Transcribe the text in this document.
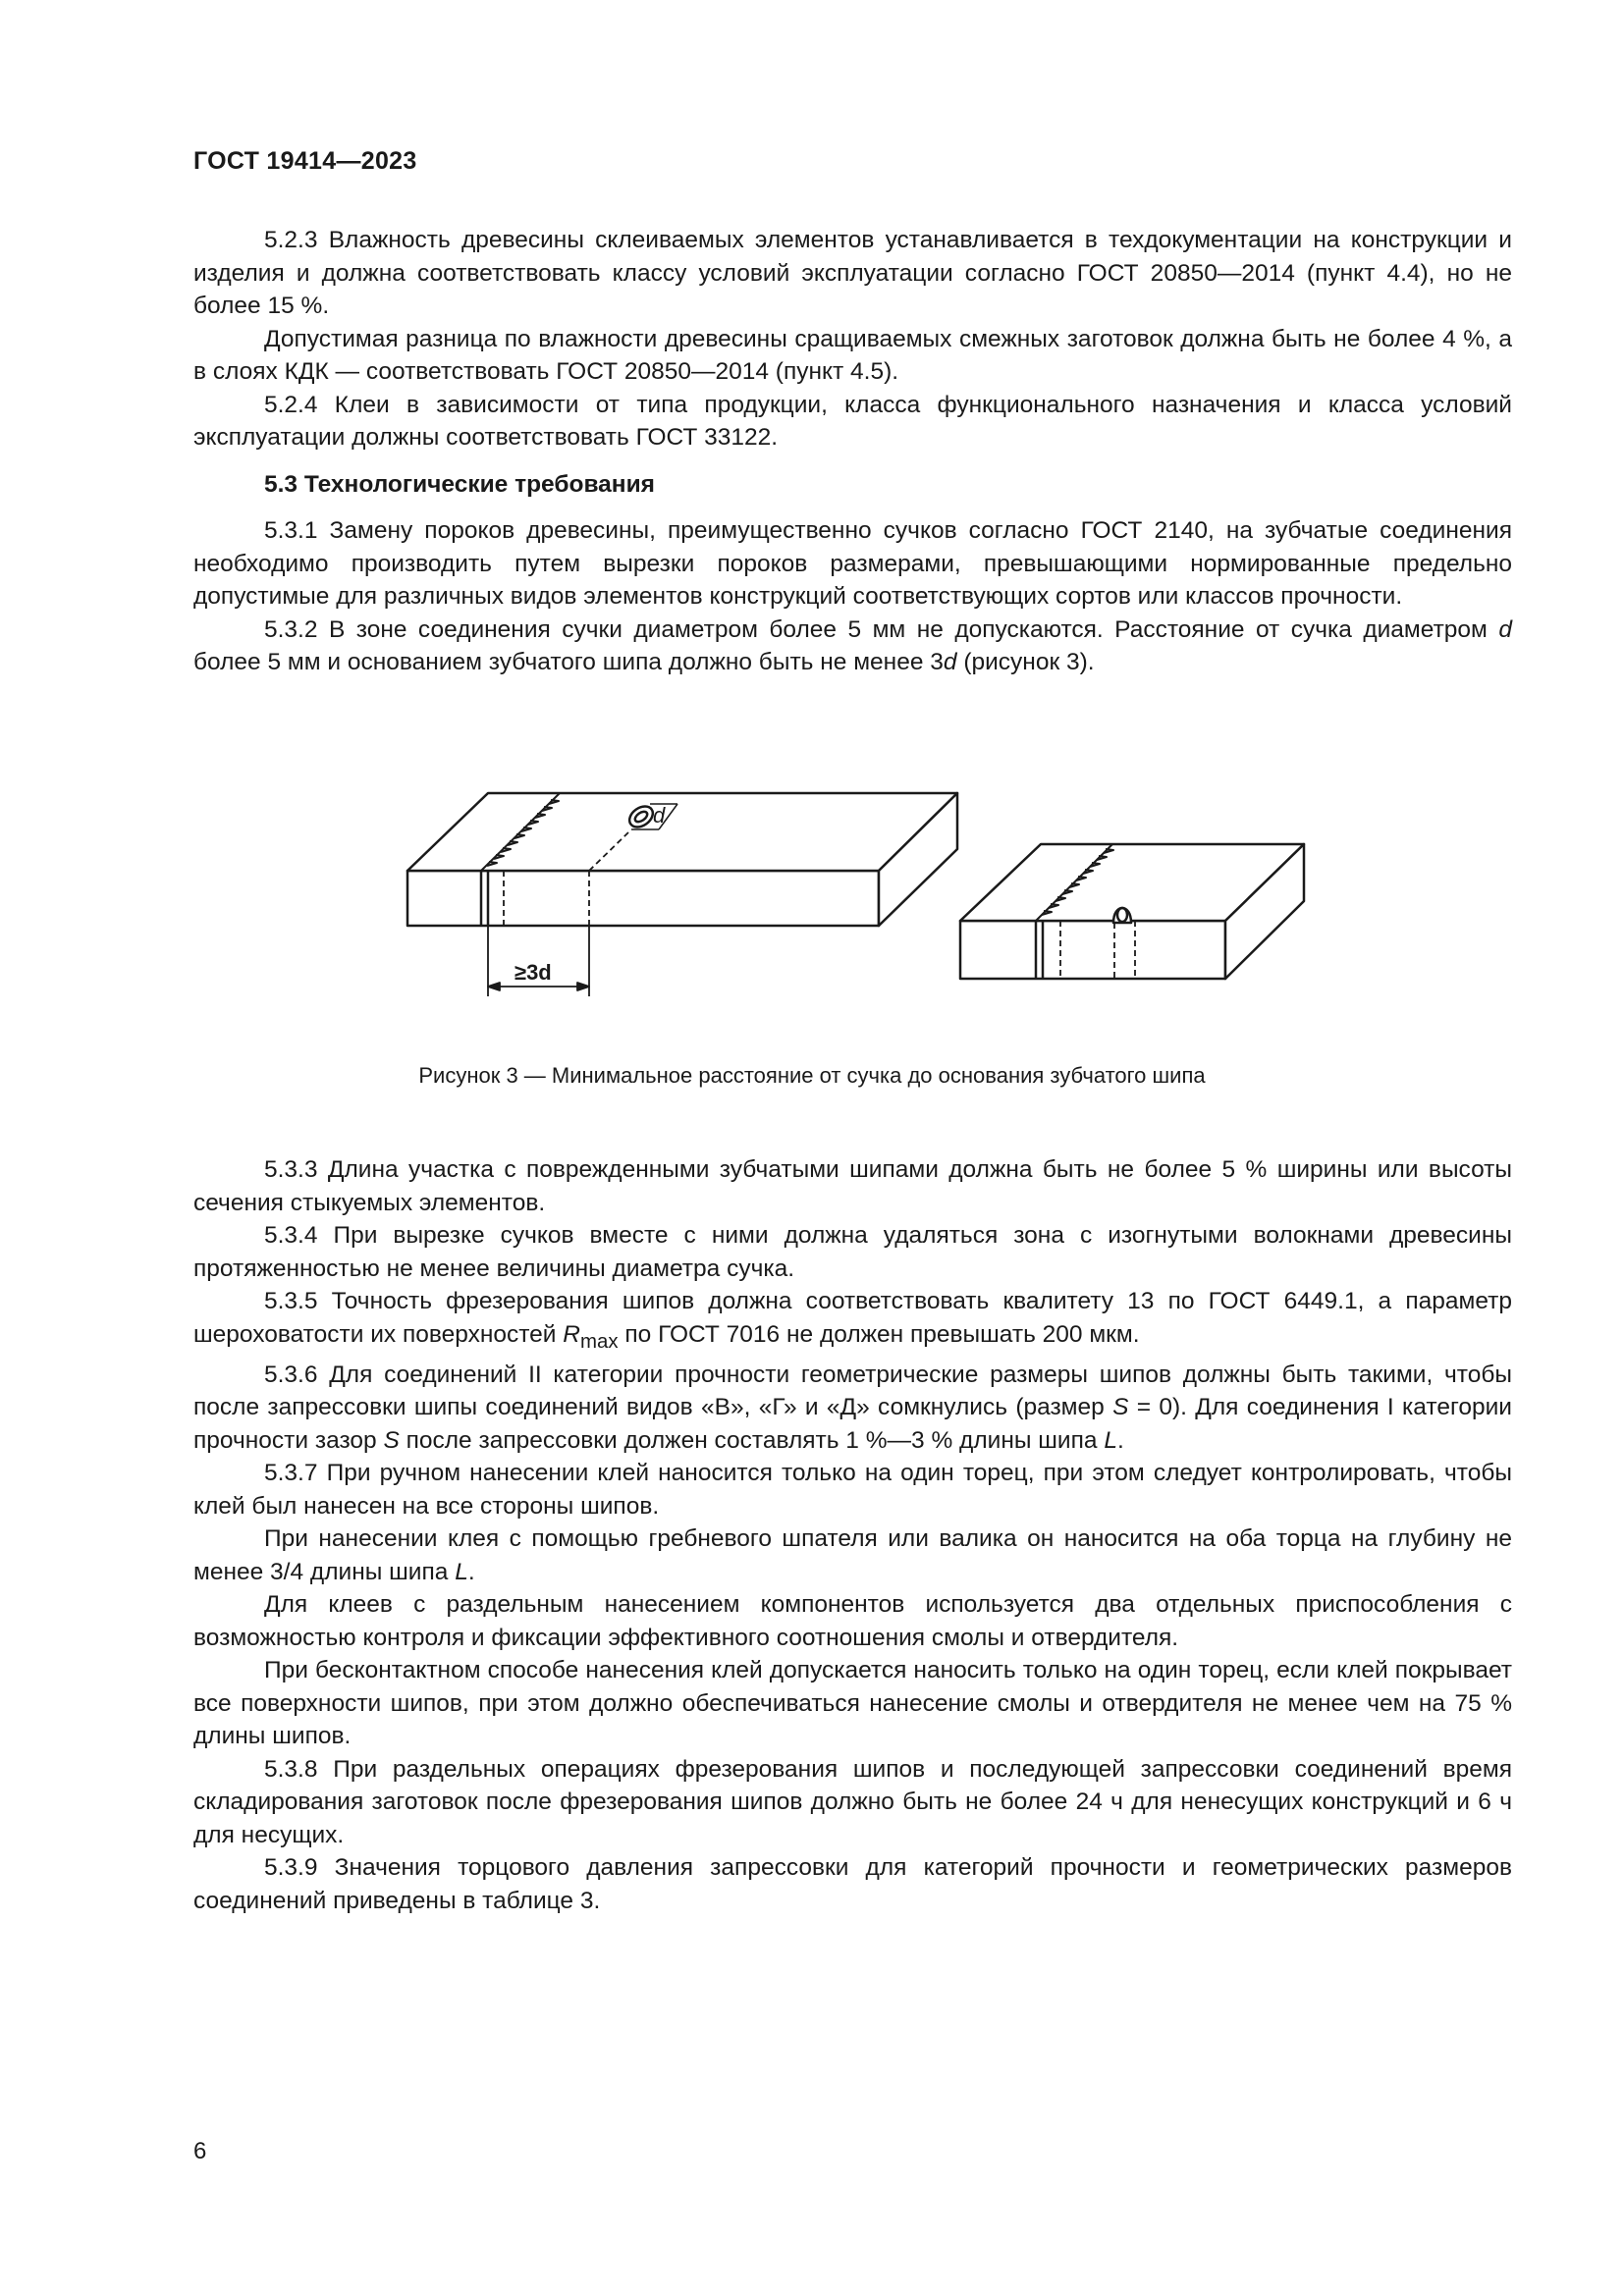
ГОСТ 19414—2023

5.2.3 Влажность древесины склеиваемых элементов устанавливается в техдокументации на конструкции и изделия и должна соответствовать классу условий эксплуатации согласно ГОСТ 20850—2014 (пункт 4.4), но не более 15 %.

Допустимая разница по влажности древесины сращиваемых смежных заготовок должна быть не более 4 %, а в слоях КДК — соответствовать ГОСТ 20850—2014 (пункт 4.5).

5.2.4 Клеи в зависимости от типа продукции, класса функционального назначения и класса условий эксплуатации должны соответствовать ГОСТ 33122.

5.3 Технологические требования

5.3.1 Замену пороков древесины, преимущественно сучков согласно ГОСТ 2140, на зубчатые соединения необходимо производить путем вырезки пороков размерами, превышающими нормированные предельно допустимые для различных видов элементов конструкций соответствующих сортов или классов прочности.

5.3.2 В зоне соединения сучки диаметром более 5 мм не допускаются. Расстояние от сучка диаметром d более 5 мм и основанием зубчатого шипа должно быть не менее 3d (рисунок 3).

d
≥3d
Рисунок 3 — Минимальное расстояние от сучка до основания зубчатого шипа

5.3.3 Длина участка с поврежденными зубчатыми шипами должна быть не более 5 % ширины или высоты сечения стыкуемых элементов.

5.3.4 При вырезке сучков вместе с ними должна удаляться зона с изогнутыми волокнами древесины протяженностью не менее величины диаметра сучка.

5.3.5 Точность фрезерования шипов должна соответствовать квалитету 13 по ГОСТ 6449.1, а параметр шероховатости их поверхностей $R_{max}$ по ГОСТ 7016 не должен превышать 200 мкм.

5.3.6 Для соединений II категории прочности геометрические размеры шипов должны быть такими, чтобы после запрессовки шипы соединений видов «В», «Г» и «Д» сомкнулись (размер S = 0). Для соединения I категории прочности зазор S после запрессовки должен составлять 1 %—3 % длины шипа L.

5.3.7 При ручном нанесении клей наносится только на один торец, при этом следует контролировать, чтобы клей был нанесен на все стороны шипов.

При нанесении клея с помощью гребневого шпателя или валика он наносится на оба торца на глубину не менее 3/4 длины шипа L.

Для клеев с раздельным нанесением компонентов используется два отдельных приспособления с возможностью контроля и фиксации эффективного соотношения смолы и отвердителя.

При бесконтактном способе нанесения клей допускается наносить только на один торец, если клей покрывает все поверхности шипов, при этом должно обеспечиваться нанесение смолы и отвердителя не менее чем на 75 % длины шипов.

5.3.8 При раздельных операциях фрезерования шипов и последующей запрессовки соединений время складирования заготовок после фрезерования шипов должно быть не более 24 ч для ненесущих конструкций и 6 ч для несущих.

5.3.9 Значения торцового давления запрессовки для категорий прочности и геометрических размеров соединений приведены в таблице 3.

6
